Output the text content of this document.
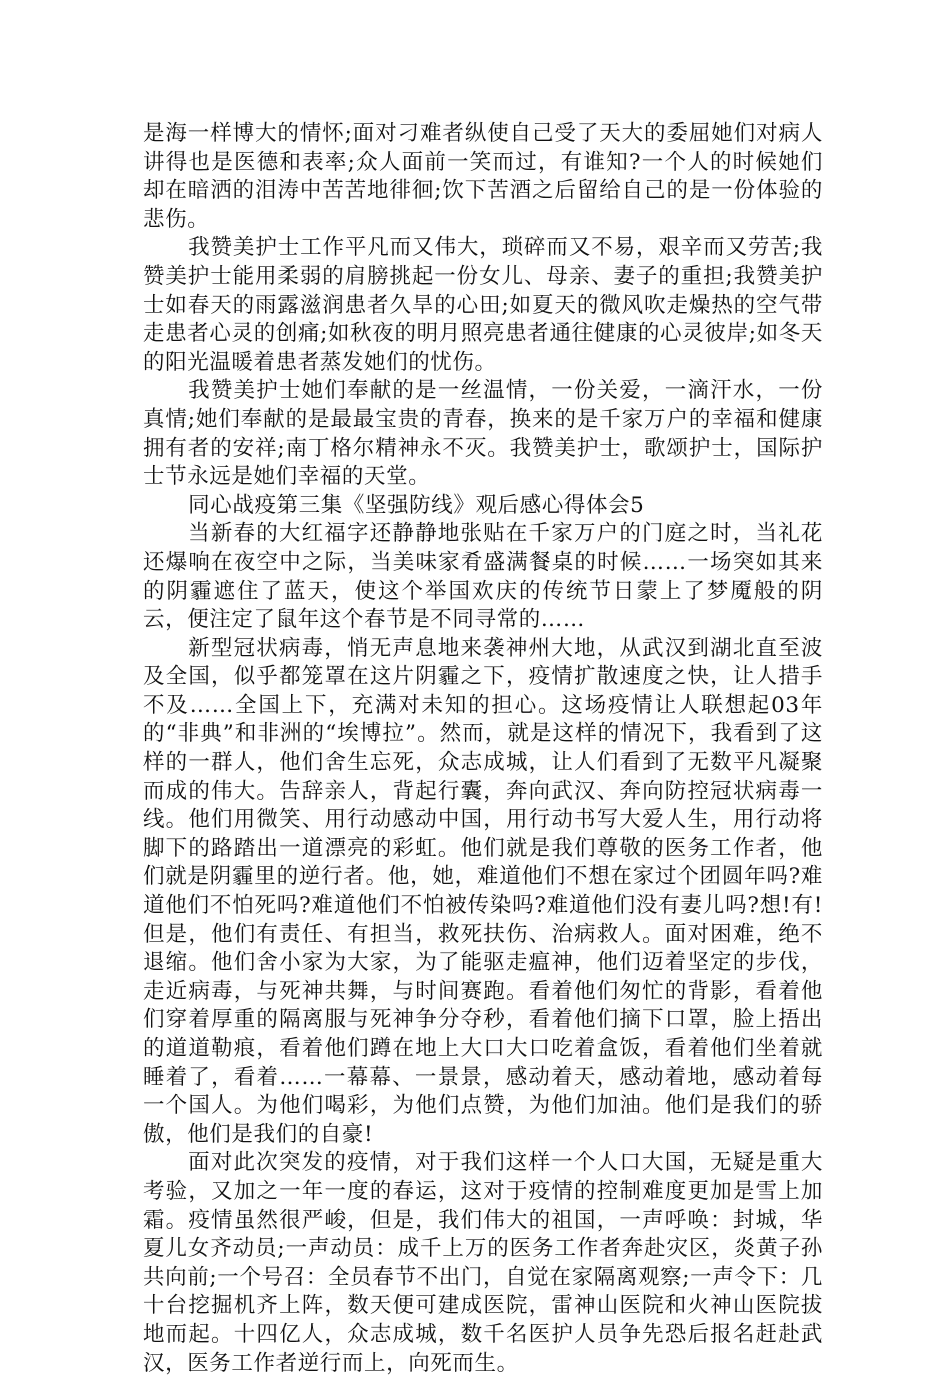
是海一样博大的情怀;面对刁难者纵使自己受了天大的委屈她们对病人讲得也是医德和表率;众人面前一笑而过，有谁知?一个人的时候她们却在暗洒的泪涛中苦苦地徘徊;饮下苦酒之后留给自己的是一份体验的悲伤。

我赞美护士工作平凡而又伟大，琐碎而又不易，艰辛而又劳苦;我赞美护士能用柔弱的肩膀挑起一份女儿、母亲、妻子的重担;我赞美护士如春天的雨露滋润患者久旱的心田;如夏天的微风吹走燥热的空气带走患者心灵的创痛;如秋夜的明月照亮患者通往健康的心灵彼岸;如冬天的阳光温暖着患者蒸发她们的忧伤。

我赞美护士她们奉献的是一丝温情，一份关爱，一滴汗水，一份真情;她们奉献的是最最宝贵的青春，换来的是千家万户的幸福和健康拥有者的安祥;南丁格尔精神永不灭。我赞美护士，歌颂护士，国际护士节永远是她们幸福的天堂。

同心战疫第三集《坚强防线》观后感心得体会5

当新春的大红福字还静静地张贴在千家万户的门庭之时，当礼花还爆响在夜空中之际，当美味家肴盛满餐桌的时候……一场突如其来的阴霾遮住了蓝天，使这个举国欢庆的传统节日蒙上了梦魇般的阴云，便注定了鼠年这个春节是不同寻常的……

新型冠状病毒，悄无声息地来袭神州大地，从武汉到湖北直至波及全国，似乎都笼罩在这片阴霾之下，疫情扩散速度之快，让人措手不及……全国上下，充满对未知的担心。这场疫情让人联想起03年的“非典”和非洲的“埃博拉”。然而，就是这样的情况下，我看到了这样的一群人，他们舍生忘死，众志成城，让人们看到了无数平凡凝聚而成的伟大。告辞亲人，背起行囊，奔向武汉、奔向防控冠状病毒一线。他们用微笑、用行动感动中国，用行动书写大爱人生，用行动将脚下的路踏出一道漂亮的彩虹。他们就是我们尊敬的医务工作者，他们就是阴霾里的逆行者。他，她，难道他们不想在家过个团圆年吗?难道他们不怕死吗?难道他们不怕被传染吗?难道他们没有妻儿吗?想!有!但是，他们有责任、有担当，救死扶伤、治病救人。面对困难，绝不退缩。他们舍小家为大家，为了能驱走瘟神，他们迈着坚定的步伐，走近病毒，与死神共舞，与时间赛跑。看着他们匆忙的背影，看着他们穿着厚重的隔离服与死神争分夺秒，看着他们摘下口罩，脸上捂出的道道勒痕，看着他们蹲在地上大口大口吃着盒饭，看着他们坐着就睡着了，看着……一幕幕、一景景，感动着天，感动着地，感动着每一个国人。为他们喝彩，为他们点赞，为他们加油。他们是我们的骄傲，他们是我们的自豪!

面对此次突发的疫情，对于我们这样一个人口大国，无疑是重大考验，又加之一年一度的春运，这对于疫情的控制难度更加是雪上加霜。疫情虽然很严峻，但是，我们伟大的祖国，一声呼唤：封城，华夏儿女齐动员;一声动员：成千上万的医务工作者奔赴灾区，炎黄子孙共向前;一个号召：全员春节不出门，自觉在家隔离观察;一声令下：几十台挖掘机齐上阵，数天便可建成医院，雷神山医院和火神山医院拔地而起。十四亿人，众志成城，数千名医护人员争先恐后报名赶赴武汉，医务工作者逆行而上，向死而生。
